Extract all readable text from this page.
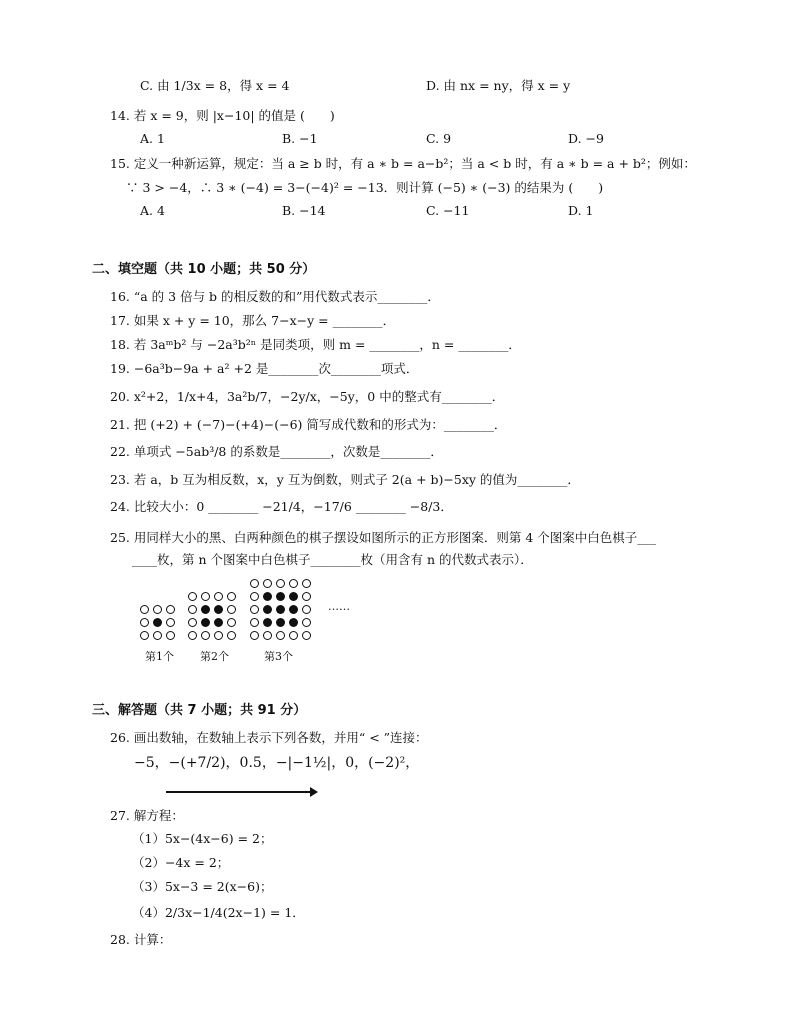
C. 由 1/3x = 8，得 x = 4	D. 由 nx = ny，得 x = y
14. 若 x = 9，则 |x−10| 的值是 (　　)
A. 1	B. −1	C. 9	D. −9
15. 定义一种新运算，规定：当 a ≥ b 时，有 a ∗ b = a−b²；当 a < b 时，有 a ∗ b = a + b²；例如：
∵ 3 > −4，∴ 3 ∗ (−4) = 3−(−4)² = −13．则计算 (−5) ∗ (−3) 的结果为 (　　)
A. 4	B. −14	C. −11	D. 1
二、填空题（共 10 小题；共 50 分）
16. “a 的 3 倍与 b 的相反数的和”用代数式表示________．
17. 如果 x + y = 10，那么 7−x−y = ________．
18. 若 3aᵐb² 与 −2a³b²ⁿ 是同类项，则 m = ________，n = ________．
19. −6a³b−9a + a² +2 是________次________项式．
20. x²+2，1/x+4，3a²b/7，−2y/x，−5y，0 中的整式有________．
21. 把 (+2) + (−7)−(+4)−(−6) 简写成代数和的形式为：________．
22. 单项式 −5ab³/8 的系数是________，次数是________．
23. 若 a，b 互为相反数，x，y 互为倒数，则式子 2(a + b)−5xy 的值为________．
24. 比较大小：0 ________ −21/4，−17/6 ________ −8/3．
25. 用同样大小的黑、白两种颜色的棋子摆设如图所示的正方形图案．则第 4 个图案中白色棋子___
____枚，第 n 个图案中白色棋子________枚（用含有 n 的代数式表示）．
……
第1个 第2个	第3个
三、解答题（共 7 小题；共 91 分）
26. 画出数轴，在数轴上表示下列各数，并用“ < ”连接：
−5，−(+7/2)，0.5，−|−1½|，0，(−2)²，
27. 解方程：
（1）5x−(4x−6) = 2；
（2）−4x = 2；
（3）5x−3 = 2(x−6)；
（4）2/3x−1/4(2x−1) = 1．
28. 计算：
